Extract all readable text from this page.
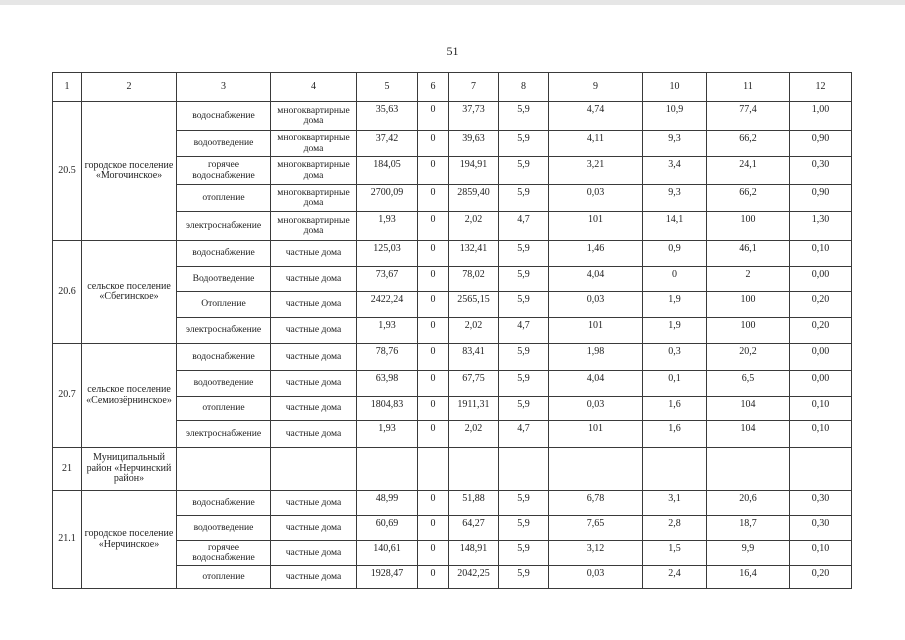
51
1	2	3	4	5	6	7	8	9	10	11	12
20.5	городское поселение «Могочинское»	водоснабжение	многоквартирные дома	35,63	0	37,73	5,9	4,74	10,9	77,4	1,00
		водоотведение	многоквартирные дома	37,42	0	39,63	5,9	4,11	9,3	66,2	0,90
		горячее водоснабжение	многоквартирные дома	184,05	0	194,91	5,9	3,21	3,4	24,1	0,30
		отопление	многоквартирные дома	2700,09	0	2859,40	5,9	0,03	9,3	66,2	0,90
		электроснабжение	многоквартирные дома	1,93	0	2,02	4,7	101	14,1	100	1,30
20.6	сельское поселение «Сбегинское»	водоснабжение	частные дома	125,03	0	132,41	5,9	1,46	0,9	46,1	0,10
		Водоотведение	частные дома	73,67	0	78,02	5,9	4,04	0	2	0,00
		Отопление	частные дома	2422,24	0	2565,15	5,9	0,03	1,9	100	0,20
		электроснабжение	частные дома	1,93	0	2,02	4,7	101	1,9	100	0,20
20.7	сельское поселение «Семиозёрнинское»	водоснабжение	частные дома	78,76	0	83,41	5,9	1,98	0,3	20,2	0,00
		водоотведение	частные дома	63,98	0	67,75	5,9	4,04	0,1	6,5	0,00
		отопление	частные дома	1804,83	0	1911,31	5,9	0,03	1,6	104	0,10
		электроснабжение	частные дома	1,93	0	2,02	4,7	101	1,6	104	0,10
21	Муниципальный район «Нерчинский район»										
21.1	городское поселение «Нерчинское»	водоснабжение	частные дома	48,99	0	51,88	5,9	6,78	3,1	20,6	0,30
		водоотведение	частные дома	60,69	0	64,27	5,9	7,65	2,8	18,7	0,30
		горячее водоснабжение	частные дома	140,61	0	148,91	5,9	3,12	1,5	9,9	0,10
		отопление	частные дома	1928,47	0	2042,25	5,9	0,03	2,4	16,4	0,20
